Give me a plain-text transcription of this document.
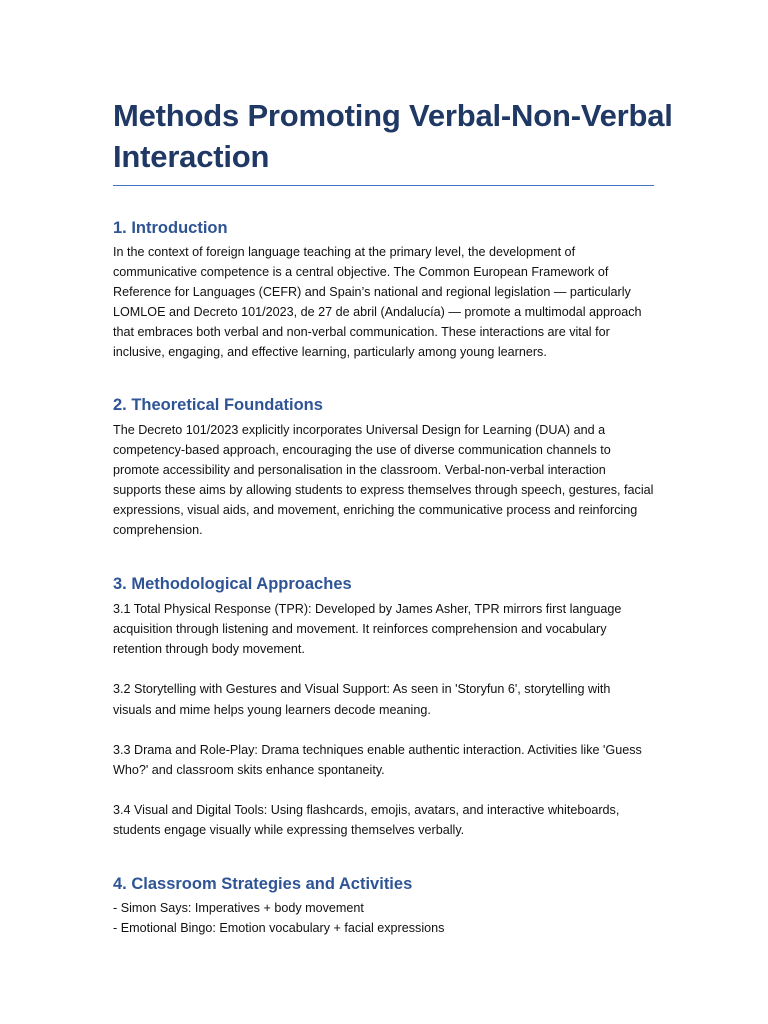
Methods Promoting Verbal-Non-Verbal
Interaction
1. Introduction

In the context of foreign language teaching at the primary level, the development of
communicative competence is a central objective. The Common European Framework of
Reference for Languages (CEFR) and Spain’s national and regional legislation — particularly
LOMLOE and Decreto 101/2023, de 27 de abril (Andalucía) — promote a multimodal approach
that embraces both verbal and non-verbal communication. These interactions are vital for
inclusive, engaging, and effective learning, particularly among young learners.

2. Theoretical Foundations

The Decreto 101/2023 explicitly incorporates Universal Design for Learning (DUA) and a
competency-based approach, encouraging the use of diverse communication channels to
promote accessibility and personalisation in the classroom. Verbal-non-verbal interaction
supports these aims by allowing students to express themselves through speech, gestures, facial
expressions, visual aids, and movement, enriching the communicative process and reinforcing
comprehension.

3. Methodological Approaches

3.1 Total Physical Response (TPR): Developed by James Asher, TPR mirrors first language
acquisition through listening and movement. It reinforces comprehension and vocabulary
retention through body movement.

3.2 Storytelling with Gestures and Visual Support: As seen in 'Storyfun 6', storytelling with
visuals and mime helps young learners decode meaning.

3.3 Drama and Role-Play: Drama techniques enable authentic interaction. Activities like 'Guess
Who?' and classroom skits enhance spontaneity.

3.4 Visual and Digital Tools: Using flashcards, emojis, avatars, and interactive whiteboards,
students engage visually while expressing themselves verbally.

4. Classroom Strategies and Activities

- Simon Says: Imperatives + body movement
- Emotional Bingo: Emotion vocabulary + facial expressions
